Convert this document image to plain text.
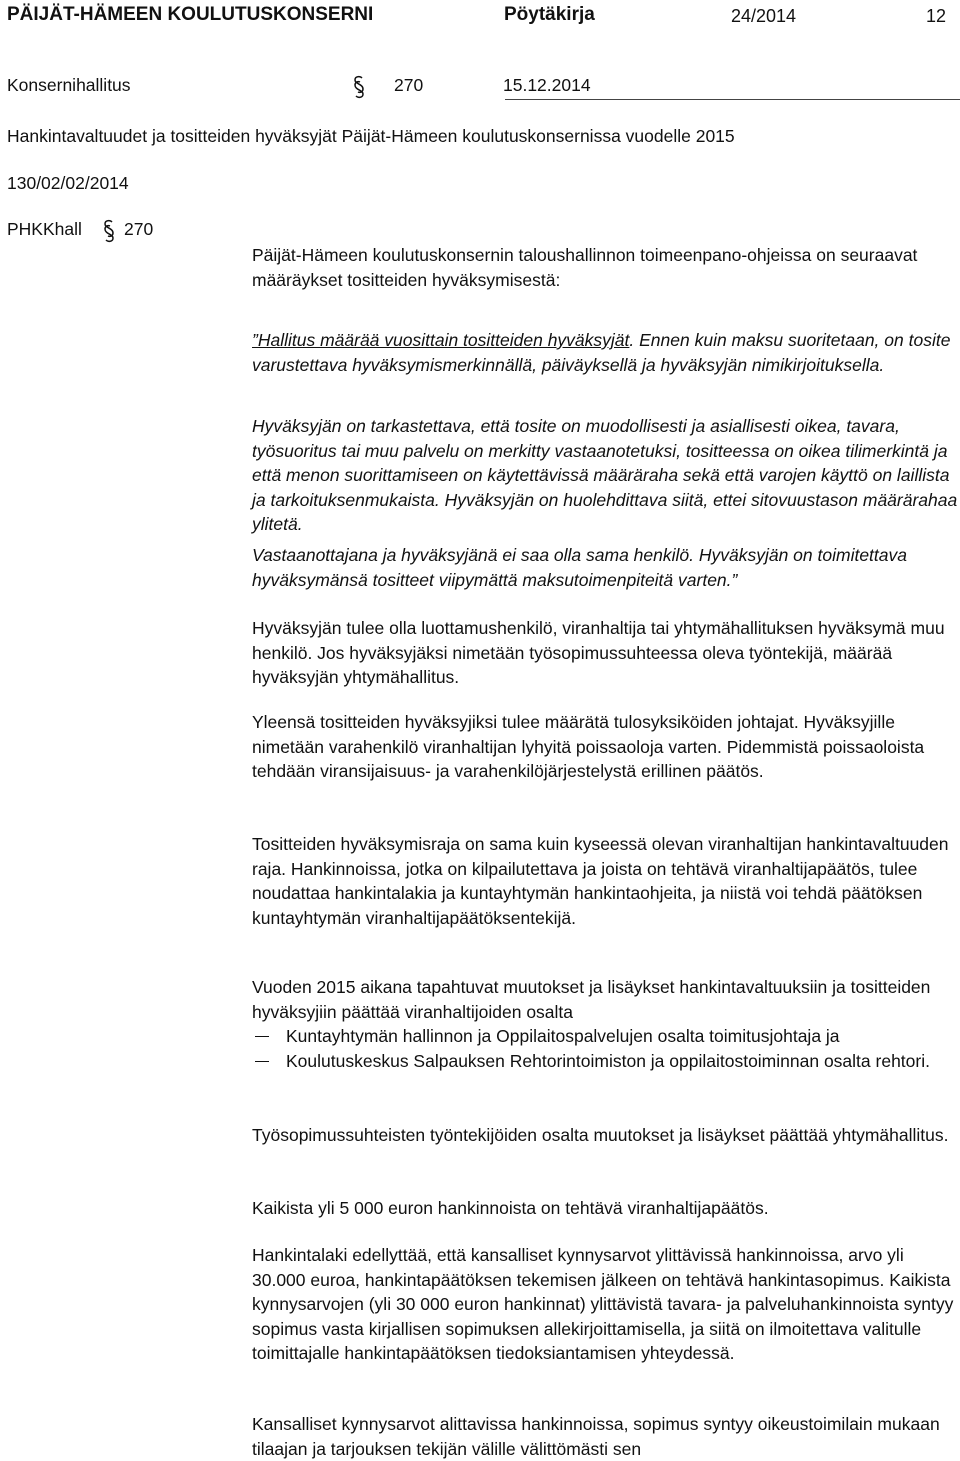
PÄIJÄT-HÄMEEN KOULUTUSKONSERNI	Pöytäkirja	24/2014	12
Konsernihallitus	270	15.12.2014
Hankintavaltuudet ja tositteiden hyväksyjät Päijät-Hämeen koulutuskonsernissa vuodelle 2015
130/02/02/2014
PHKKhall 270

Päijät-Hämeen koulutuskonsernin taloushallinnon toimeenpano-ohjeissa on seuraavat määräykset tositteiden hyväksymisestä:

”Hallitus määrää vuosittain tositteiden hyväksyjät. Ennen kuin maksu suoritetaan, on tosite varustettava hyväksymismerkinnällä, päiväyksellä ja hyväksyjän nimikirjoituksella.

Hyväksyjän on tarkastettava, että tosite on muodollisesti ja asiallisesti oikea, tavara, työsuoritus tai muu palvelu on merkitty vastaanotetuksi, tositteessa on oikea tilimerkintä ja että menon suorittamiseen on käytettävissä määräraha sekä että varojen käyttö on laillista ja tarkoituksenmukaista. Hyväksyjän on huolehdittava siitä, ettei sitovuustason määrärahaa ylitetä.

Vastaanottajana ja hyväksyjänä ei saa olla sama henkilö. Hyväksyjän on toimitettava hyväksymänsä tositteet viipymättä maksutoimenpiteitä varten.”

Hyväksyjän tulee olla luottamushenkilö, viranhaltija tai yhtymähallituksen hyväksymä muu henkilö. Jos hyväksyjäksi nimetään työsopimussuhteessa oleva työntekijä, määrää hyväksyjän yhtymähallitus.

Yleensä tositteiden hyväksyjiksi tulee määrätä tulosyksiköiden johtajat. Hyväksyjille nimetään varahenkilö viranhaltijan lyhyitä poissaoloja varten. Pidemmistä poissaoloista tehdään viransijaisuus- ja varahenkilöjärjestelystä erillinen päätös.

Tositteiden hyväksymisraja on sama kuin kyseessä olevan viranhaltijan hankintavaltuuden raja. Hankinnoissa, jotka on kilpailutettava ja joista on tehtävä viranhaltijapäätös, tulee noudattaa hankintalakia ja kuntayhtymän hankintaohjeita, ja niistä voi tehdä päätöksen kuntayhtymän viranhaltijapäätöksentekijä.

Vuoden 2015 aikana tapahtuvat muutokset ja lisäykset hankintavaltuuksiin ja tositteiden hyväksyjiin päättää viranhaltijoiden osalta

Kuntayhtymän hallinnon ja Oppilaitospalvelujen osalta toimitusjohtaja ja
Koulutuskeskus Salpauksen Rehtorintoimiston ja oppilaitostoiminnan osalta rehtori.

Työsopimussuhteisten työntekijöiden osalta muutokset ja lisäykset päättää yhtymähallitus.

Kaikista yli 5 000 euron hankinnoista on tehtävä viranhaltijapäätös.

Hankintalaki edellyttää, että kansalliset kynnysarvot ylittävissä hankinnoissa, arvo yli 30.000 euroa, hankintapäätöksen tekemisen jälkeen on tehtävä hankintasopimus. Kaikista kynnysarvojen (yli 30 000 euron hankinnat) ylittävistä tavara- ja palveluhankinnoista syntyy sopimus vasta kirjallisen sopimuksen allekirjoittamisella, ja siitä on ilmoitettava valitulle toimittajalle hankintapäätöksen tiedoksiantamisen yhteydessä.

Kansalliset kynnysarvot alittavissa hankinnoissa, sopimus syntyy oikeustoimilain mukaan tilaajan ja tarjouksen tekijän välille välittömästi sen
